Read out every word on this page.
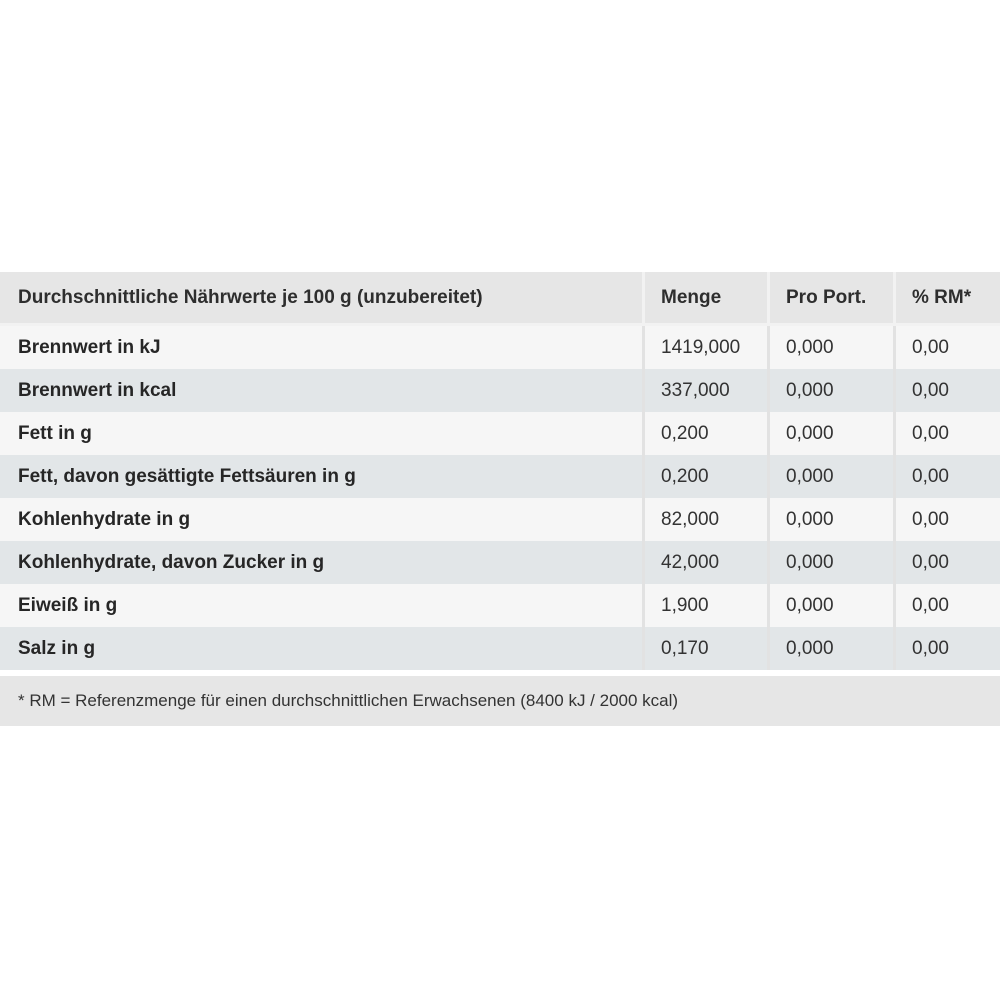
Durchschnittliche Nährwerte je 100 g (unzubereitet)	Menge	Pro Port.	% RM*
Brennwert in kJ	1419,000	0,000	0,00
Brennwert in kcal	337,000	0,000	0,00
Fett in g	0,200	0,000	0,00
Fett, davon gesättigte Fettsäuren in g	0,200	0,000	0,00
Kohlenhydrate in g	82,000	0,000	0,00
Kohlenhydrate, davon Zucker in g	42,000	0,000	0,00
Eiweiß in g	1,900	0,000	0,00
Salz in g	0,170	0,000	0,00
* RM = Referenzmenge für einen durchschnittlichen Erwachsenen (8400 kJ / 2000 kcal)
